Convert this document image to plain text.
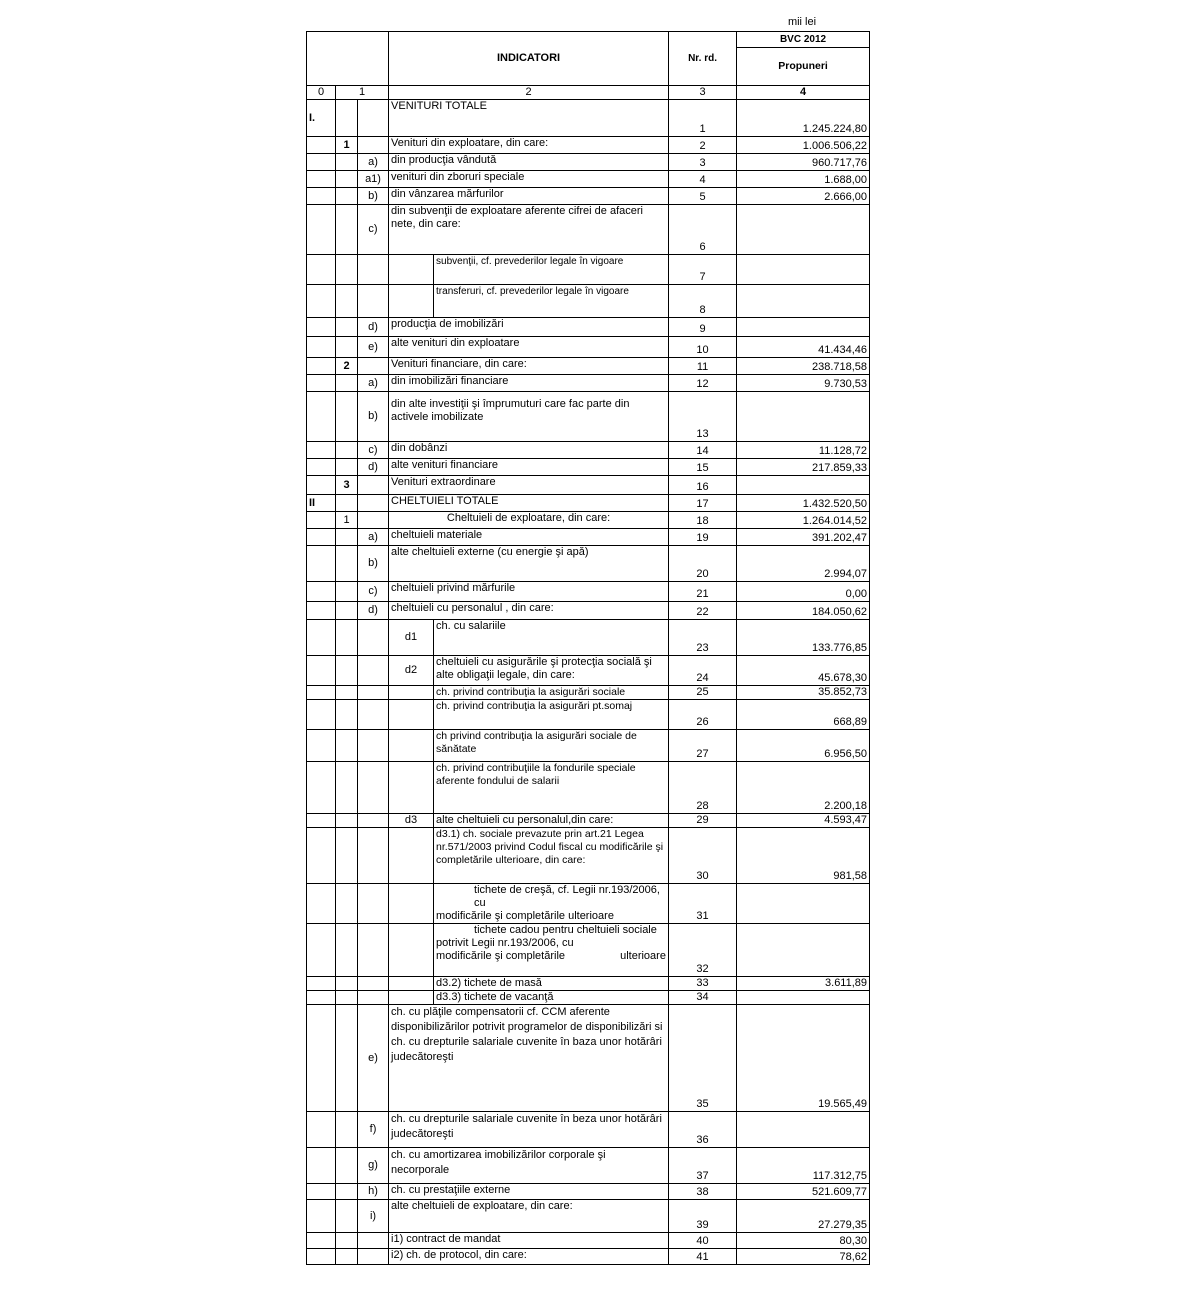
mii lei
			INDICATORI		Nr. rd.	BVC 2012
						Propuneri
0	1		2		3	4
I.			VENITURI TOTALE		1	1.245.224,80
	1		Venituri din exploatare, din care:		2	1.006.506,22
		a)	din producţia vândută		3	960.717,76
		a1)	venituri din zboruri speciale		4	1.688,00
		b)	din vânzarea mărfurilor		5	2.666,00
		c)	din subvenţii de exploatare aferente cifrei de afaceri nete, din care:		6	
				subvenţii, cf. prevederilor legale în vigoare	7	
				transferuri, cf. prevederilor legale în vigoare	8	
		d)	producţia de imobilizări		9	
		e)	alte venituri din exploatare		10	41.434,46
	2		Venituri financiare, din care:		11	238.718,58
		a)	din imobilizări financiare		12	9.730,53
		b)	din alte investiţii şi împrumuturi care fac parte din activele imobilizate		13	
		c)	din dobânzi		14	11.128,72
		d)	alte venituri financiare		15	217.859,33
	3		Venituri extraordinare		16	
II			CHELTUIELI TOTALE		17	1.432.520,50
	1		Cheltuieli de exploatare, din care:		18	1.264.014,52
		a)	cheltuieli materiale		19	391.202,47
		b)	alte cheltuieli externe (cu energie şi apă)		20	2.994,07
		c)	cheltuieli privind mărfurile		21	0,00
		d)	cheltuieli cu personalul , din care:		22	184.050,62
			d1	ch. cu salariile	23	133.776,85
			d2	cheltuieli cu asigurările şi protecţia socială şi alte obligaţii legale, din care:	24	45.678,30
				ch. privind contribuţia la asigurări sociale	25	35.852,73
				ch. privind contribuţia la asigurări pt.somaj	26	668,89
				ch privind contribuţia la asigurări sociale de sănătate	27	6.956,50
				ch. privind contribuţiile la fondurile speciale aferente fondului de salarii	28	2.200,18
			d3	alte cheltuieli cu personalul,din care:	29	4.593,47
				d3.1) ch. sociale prevazute prin art.21 Legea nr.571/2003 privind Codul fiscal cu modificările şi completările ulterioare, din care:	30	981,58

				tichete de creşă, cf. Legii nr.193/2006, cu
modificările şi completările ulterioare	31	

				tichete cadou pentru cheltuieli sociale
potrivit Legii nr.193/2006, cu
modificările şi completările ulterioare	32	
				d3.2) tichete de masă	33	3.611,89
				d3.3) tichete de vacanţă	34	
		e)	ch. cu plăţile compensatorii cf. CCM aferente disponibilizărilor potrivit programelor de disponibilizări si ch. cu drepturile salariale cuvenite în baza unor hotărâri judecătoreşti		35	19.565,49
		f)	ch. cu drepturile salariale cuvenite în beza unor hotărâri judecătoreşti		36	
		g)	ch. cu amortizarea imobilizărilor corporale şi necorporale		37	117.312,75
		h)	ch. cu prestaţiile externe		38	521.609,77
		i)	alte cheltuieli de exploatare, din care:		39	27.279,35
			i1) contract de mandat		40	80,30
			i2) ch. de protocol, din care:		41	78,62
